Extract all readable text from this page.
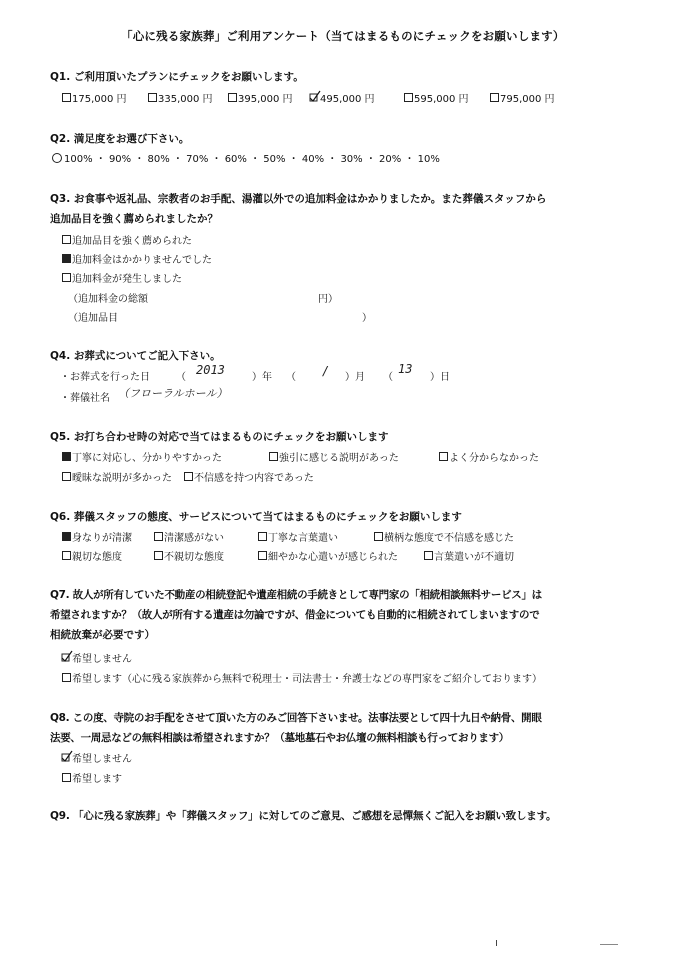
「心に残る家族葬」ご利用アンケート（当てはまるものにチェックをお願いします）
Q1. ご利用頂いたプランにチェックをお願いします。
175,000 円	335,000 円	395,000 円	495,000 円	595,000 円	795,000 円
Q2. 満足度をお選び下さい。
100% ・ 90% ・ 80% ・ 70% ・ 60% ・ 50% ・ 40% ・ 30% ・ 20% ・ 10%
Q3. お食事や返礼品、宗教者のお手配、湯灌以外での追加料金はかかりましたか。また葬儀スタッフから
追加品目を強く薦められましたか？
追加品目を強く薦められた
追加料金はかかりませんでした
追加料金が発生しました
（追加料金の総額	円）
（追加品目	）
Q4. お葬式についてご記入下さい。
・お葬式を行った日	（
2013
）年 （ / ）月 （
13
）日
・葬儀社名 （フローラルホール）
Q5. お打ち合わせ時の対応で当てはまるものにチェックをお願いします
丁寧に対応し、分かりやすかった	強引に感じる説明があった	よく分からなかった
曖昧な説明が多かった 不信感を持つ内容であった
Q6. 葬儀スタッフの態度、サービスについて当てはまるものにチェックをお願いします
身なりが清潔	清潔感がない	丁寧な言葉遣い	横柄な態度で不信感を感じた
親切な態度	不親切な態度	細やかな心遣いが感じられた	言葉遣いが不適切
Q7. 故人が所有していた不動産の相続登記や遺産相続の手続きとして専門家の「相続相談無料サービス」は
希望されますか？（故人が所有する遺産は勿論ですが、借金についても自動的に相続されてしまいますので
相続放棄が必要です）
希望しません
希望します（心に残る家族葬から無料で税理士・司法書士・弁護士などの専門家をご紹介しております）
Q8. この度、寺院のお手配をさせて頂いた方のみご回答下さいませ。法事法要として四十九日や納骨、開眼
法要、一周忌などの無料相談は希望されますか？（墓地墓石やお仏壇の無料相談も行っております）
希望しません
希望します
Q9. 「心に残る家族葬」や「葬儀スタッフ」に対してのご意見、ご感想を忌憚無くご記入をお願い致します。
